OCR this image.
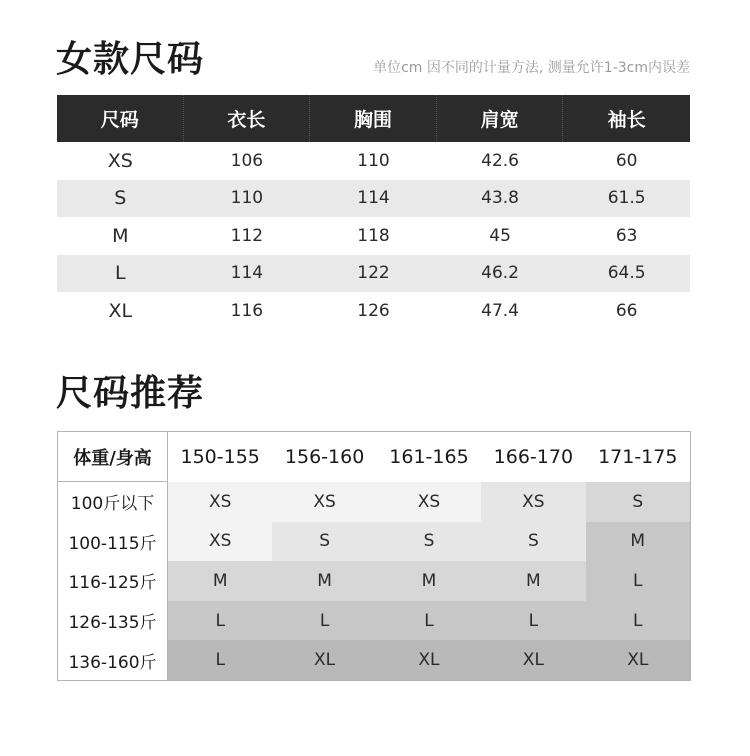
女款尺码	单位cm 因不同的计量方法, 测量允许1-3cm内误差
尺码	衣长	胸围	肩宽	袖长
XS	106	110	42.6	60
S	110	114	43.8	61.5
M	112	118	45	63
L	114	122	46.2	64.5
XL	116	126	47.4	66
尺码推荐
体重/身高	150-155	156-160	161-165	166-170	171-175
100斤以下	XS	XS	XS	XS	S
100-115斤	XS	S	S	S	M
116-125斤	M	M	M	M	L
126-135斤	L	L	L	L	L
136-160斤	L	XL	XL	XL	XL
